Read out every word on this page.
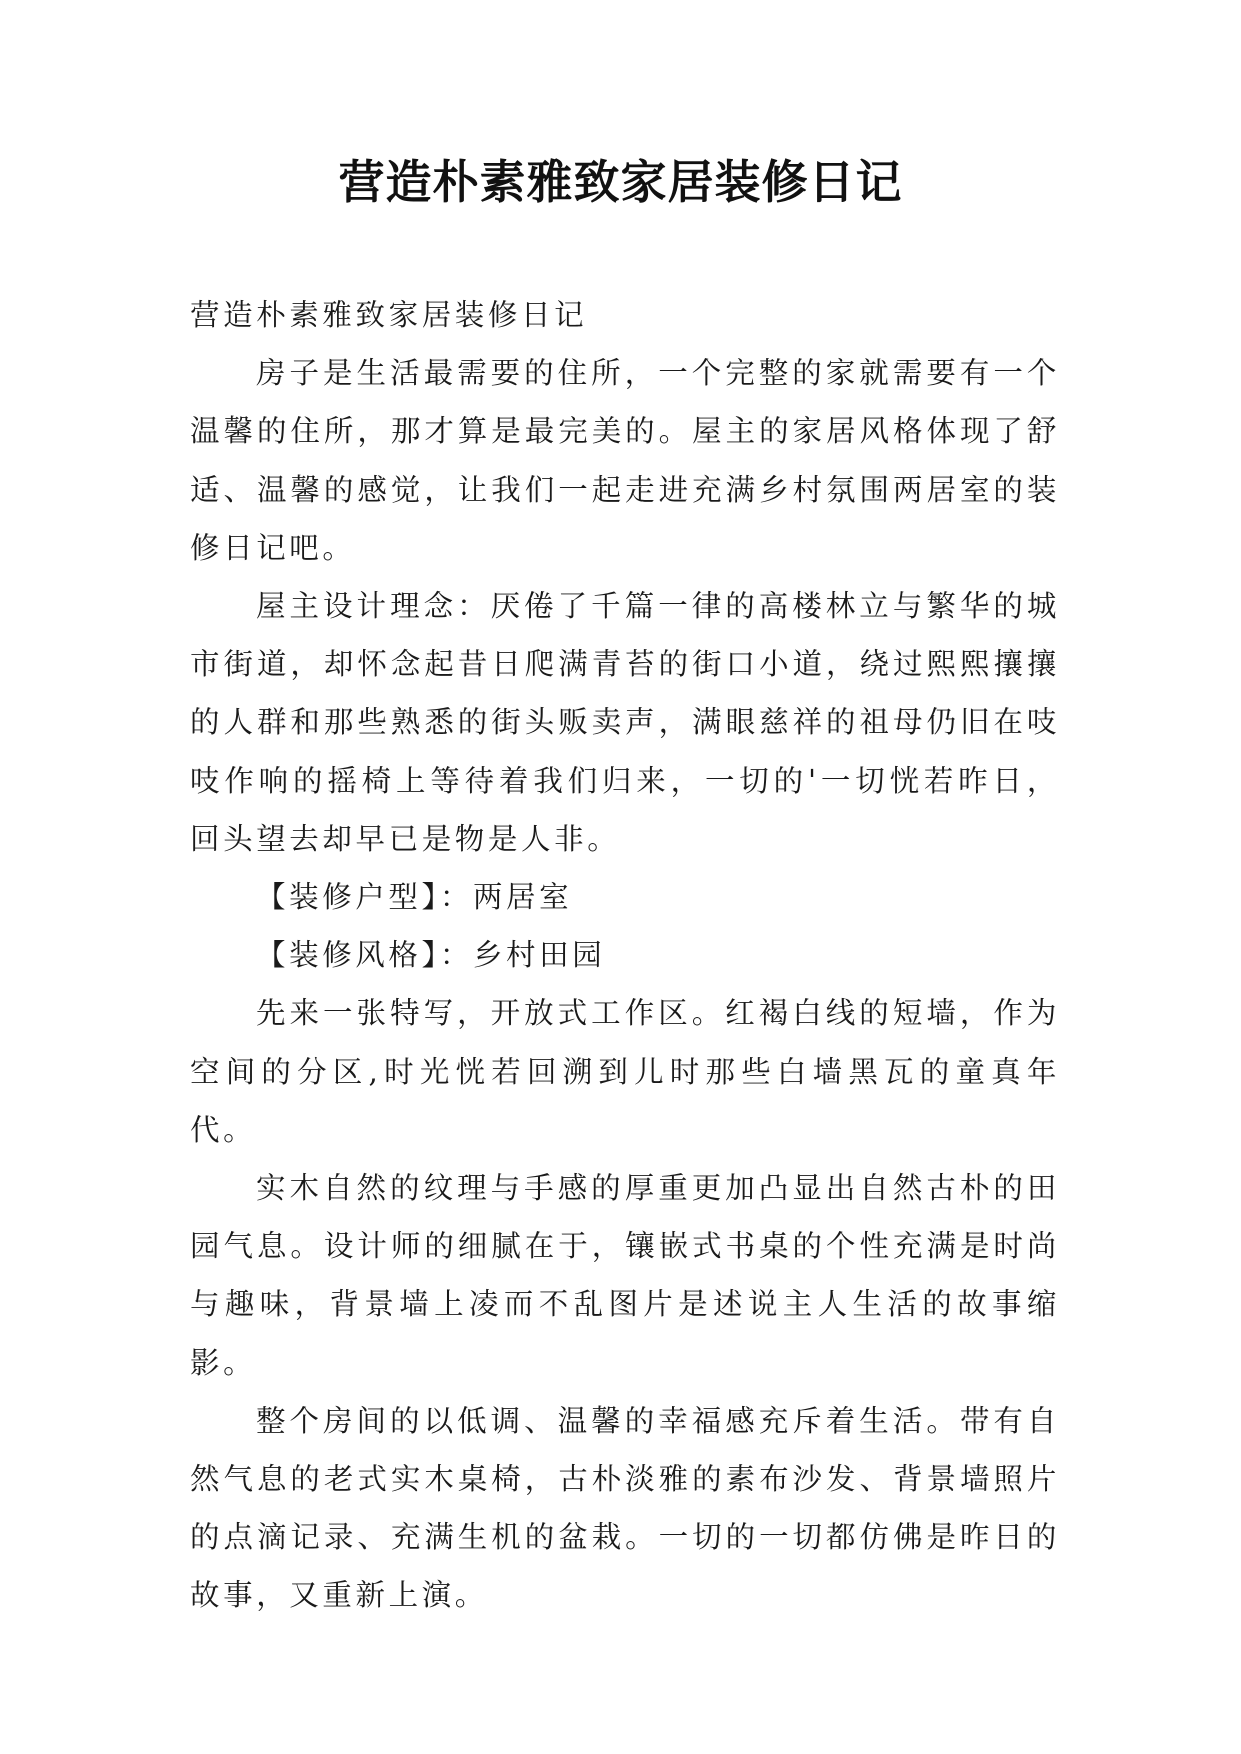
营造朴素雅致家居装修日记

营造朴素雅致家居装修日记

房子是生活最需要的住所，一个完整的家就需要有一个温馨的住所，那才算是最完美的。屋主的家居风格体现了舒适、温馨的感觉，让我们一起走进充满乡村氛围两居室的装修日记吧。

屋主设计理念：厌倦了千篇一律的高楼林立与繁华的城市街道，却怀念起昔日爬满青苔的街口小道，绕过熙熙攘攘的人群和那些熟悉的街头贩卖声，满眼慈祥的祖母仍旧在吱吱作响的摇椅上等待着我们归来，一切的'一切恍若昨日，回头望去却早已是物是人非。

【装修户型】：两居室

【装修风格】：乡村田园

先来一张特写，开放式工作区。红褐白线的短墙，作为空间的分区,时光恍若回溯到儿时那些白墙黑瓦的童真年代。

实木自然的纹理与手感的厚重更加凸显出自然古朴的田园气息。设计师的细腻在于，镶嵌式书桌的个性充满是时尚与趣味，背景墙上凌而不乱图片是述说主人生活的故事缩影。

整个房间的以低调、温馨的幸福感充斥着生活。带有自然气息的老式实木桌椅，古朴淡雅的素布沙发、背景墙照片的点滴记录、充满生机的盆栽。一切的一切都仿佛是昨日的故事，又重新上演。
